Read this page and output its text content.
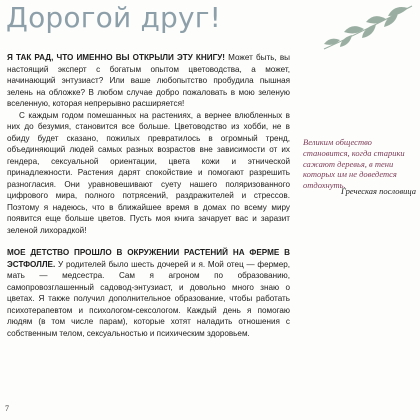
Дорогой друг!

Я ТАК РАД, ЧТО ИМЕННО ВЫ ОТКРЫЛИ ЭТУ КНИГУ! Может быть, вы настоящий эксперт с богатым опытом цветоводства, а может, начинающий энтузиаст? Или ваше любопытство пробудила пышная зелень на обложке? В любом случае добро пожаловать в мою зеленую вселенную, которая непрерывно расширяется!

С каждым годом помешанных на растениях, а вернее влюбленных в них до безумия, становится все больше. Цветоводство из хобби, не в обиду будет сказано, пожилых превратилось в огромный тренд, объединяющий людей самых разных возрастов вне зависимости от их гендера, сексуальной ориентации, цвета кожи и этнической принадлежности. Растения дарят спокойствие и помогают разрешить разногласия. Они уравновешивают суету нашего поляризованного цифрового мира, полного потрясений, раздражителей и стрессов. Поэтому я надеюсь, что в ближайшее время в домах по всему миру появится еще больше цветов. Пусть моя книга зачарует вас и заразит зеленой лихорадкой!

МОЕ ДЕТСТВО ПРОШЛО В ОКРУЖЕНИИ РАСТЕНИЙ НА ФЕРМЕ В ЭСТФОЛЛЕ. У родителей было шесть дочерей и я. Мой отец — фермер, мать — медсестра. Сам я агроном по образованию, самопровозглашенный садовод-энтузиаст, и довольно много знаю о цветах. Я также получил дополнительное образование, чтобы работать психотерапевтом и психологом-сексологом. Каждый день я помогаю людям (в том числе парам), которые хотят наладить отношения с собственным телом, сексуальностью и психическим здоровьем.

Великим общество становится, когда старики сажают деревья, в тени которых им не доведется отдохнуть.
Греческая пословица
7
